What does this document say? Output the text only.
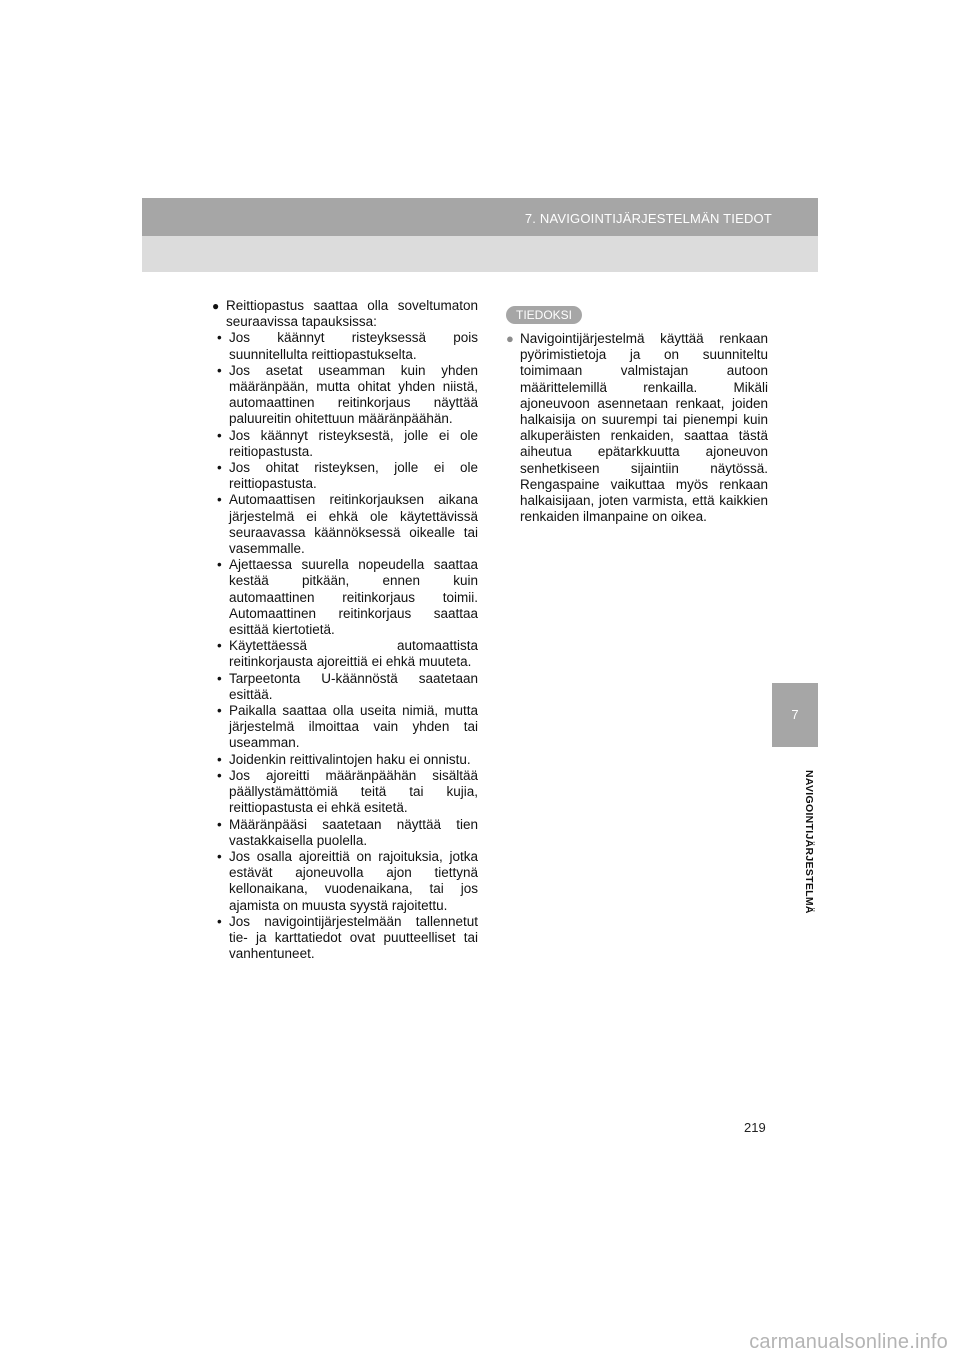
7. NAVIGOINTIJÄRJESTELMÄN TIEDOT
● Reittiopastus saattaa olla soveltumaton seuraavissa tapauksissa:
• Jos käännyt risteyksessä pois suunnitellulta reittiopastukselta.
• Jos asetat useamman kuin yhden määränpään, mutta ohitat yhden niistä, automaattinen reitinkorjaus näyttää paluureitin ohitettuun määränpäähän.
• Jos käännyt risteyksestä, jolle ei ole reitiopastusta.
• Jos ohitat risteyksen, jolle ei ole reittiopastusta.
• Automaattisen reitinkorjauksen aikana järjestelmä ei ehkä ole käytettävissä seuraavassa käännöksessä oikealle tai vasemmalle.
• Ajettaessa suurella nopeudella saattaa kestää pitkään, ennen kuin automaattinen reitinkorjaus toimii. Automaattinen reitinkorjaus saattaa esittää kiertotietä.
• Käytettäessä automaattista reitinkorjausta ajoreittiä ei ehkä muuteta.
• Tarpeetonta U-käännöstä saatetaan esittää.
• Paikalla saattaa olla useita nimiä, mutta järjestelmä ilmoittaa vain yhden tai useamman.
• Joidenkin reittivalintojen haku ei onnistu.
• Jos ajoreitti määränpäähän sisältää päällystämättömiä teitä tai kujia, reittiopastusta ei ehkä esitetä.
• Määränpääsi saatetaan näyttää tien vastakkaisella puolella.
• Jos osalla ajoreittiä on rajoituksia, jotka estävät ajoneuvolla ajon tiettynä kellonaikana, vuodenaikana, tai jos ajamista on muusta syystä rajoitettu.
• Jos navigointijärjestelmään tallennetut tie- ja karttatiedot ovat puutteelliset tai vanhentuneet.
TIEDOKSI
● Navigointijärjestelmä käyttää renkaan pyörimistietoja ja on suunniteltu toimimaan valmistajan autoon määrittelemillä renkailla. Mikäli ajoneuvoon asennetaan renkaat, joiden halkaisija on suurempi tai pienempi kuin alkuperäisten renkaiden, saattaa tästä aiheutua epätarkkuutta ajoneuvon senhetkiseen sijaintiin näytössä. Rengaspaine vaikuttaa myös renkaan halkaisijaan, joten varmista, että kaikkien renkaiden ilmanpaine on oikea.
7
NAVIGOINTIJÄRJESTELMÄ
219
carmanualsonline.info
